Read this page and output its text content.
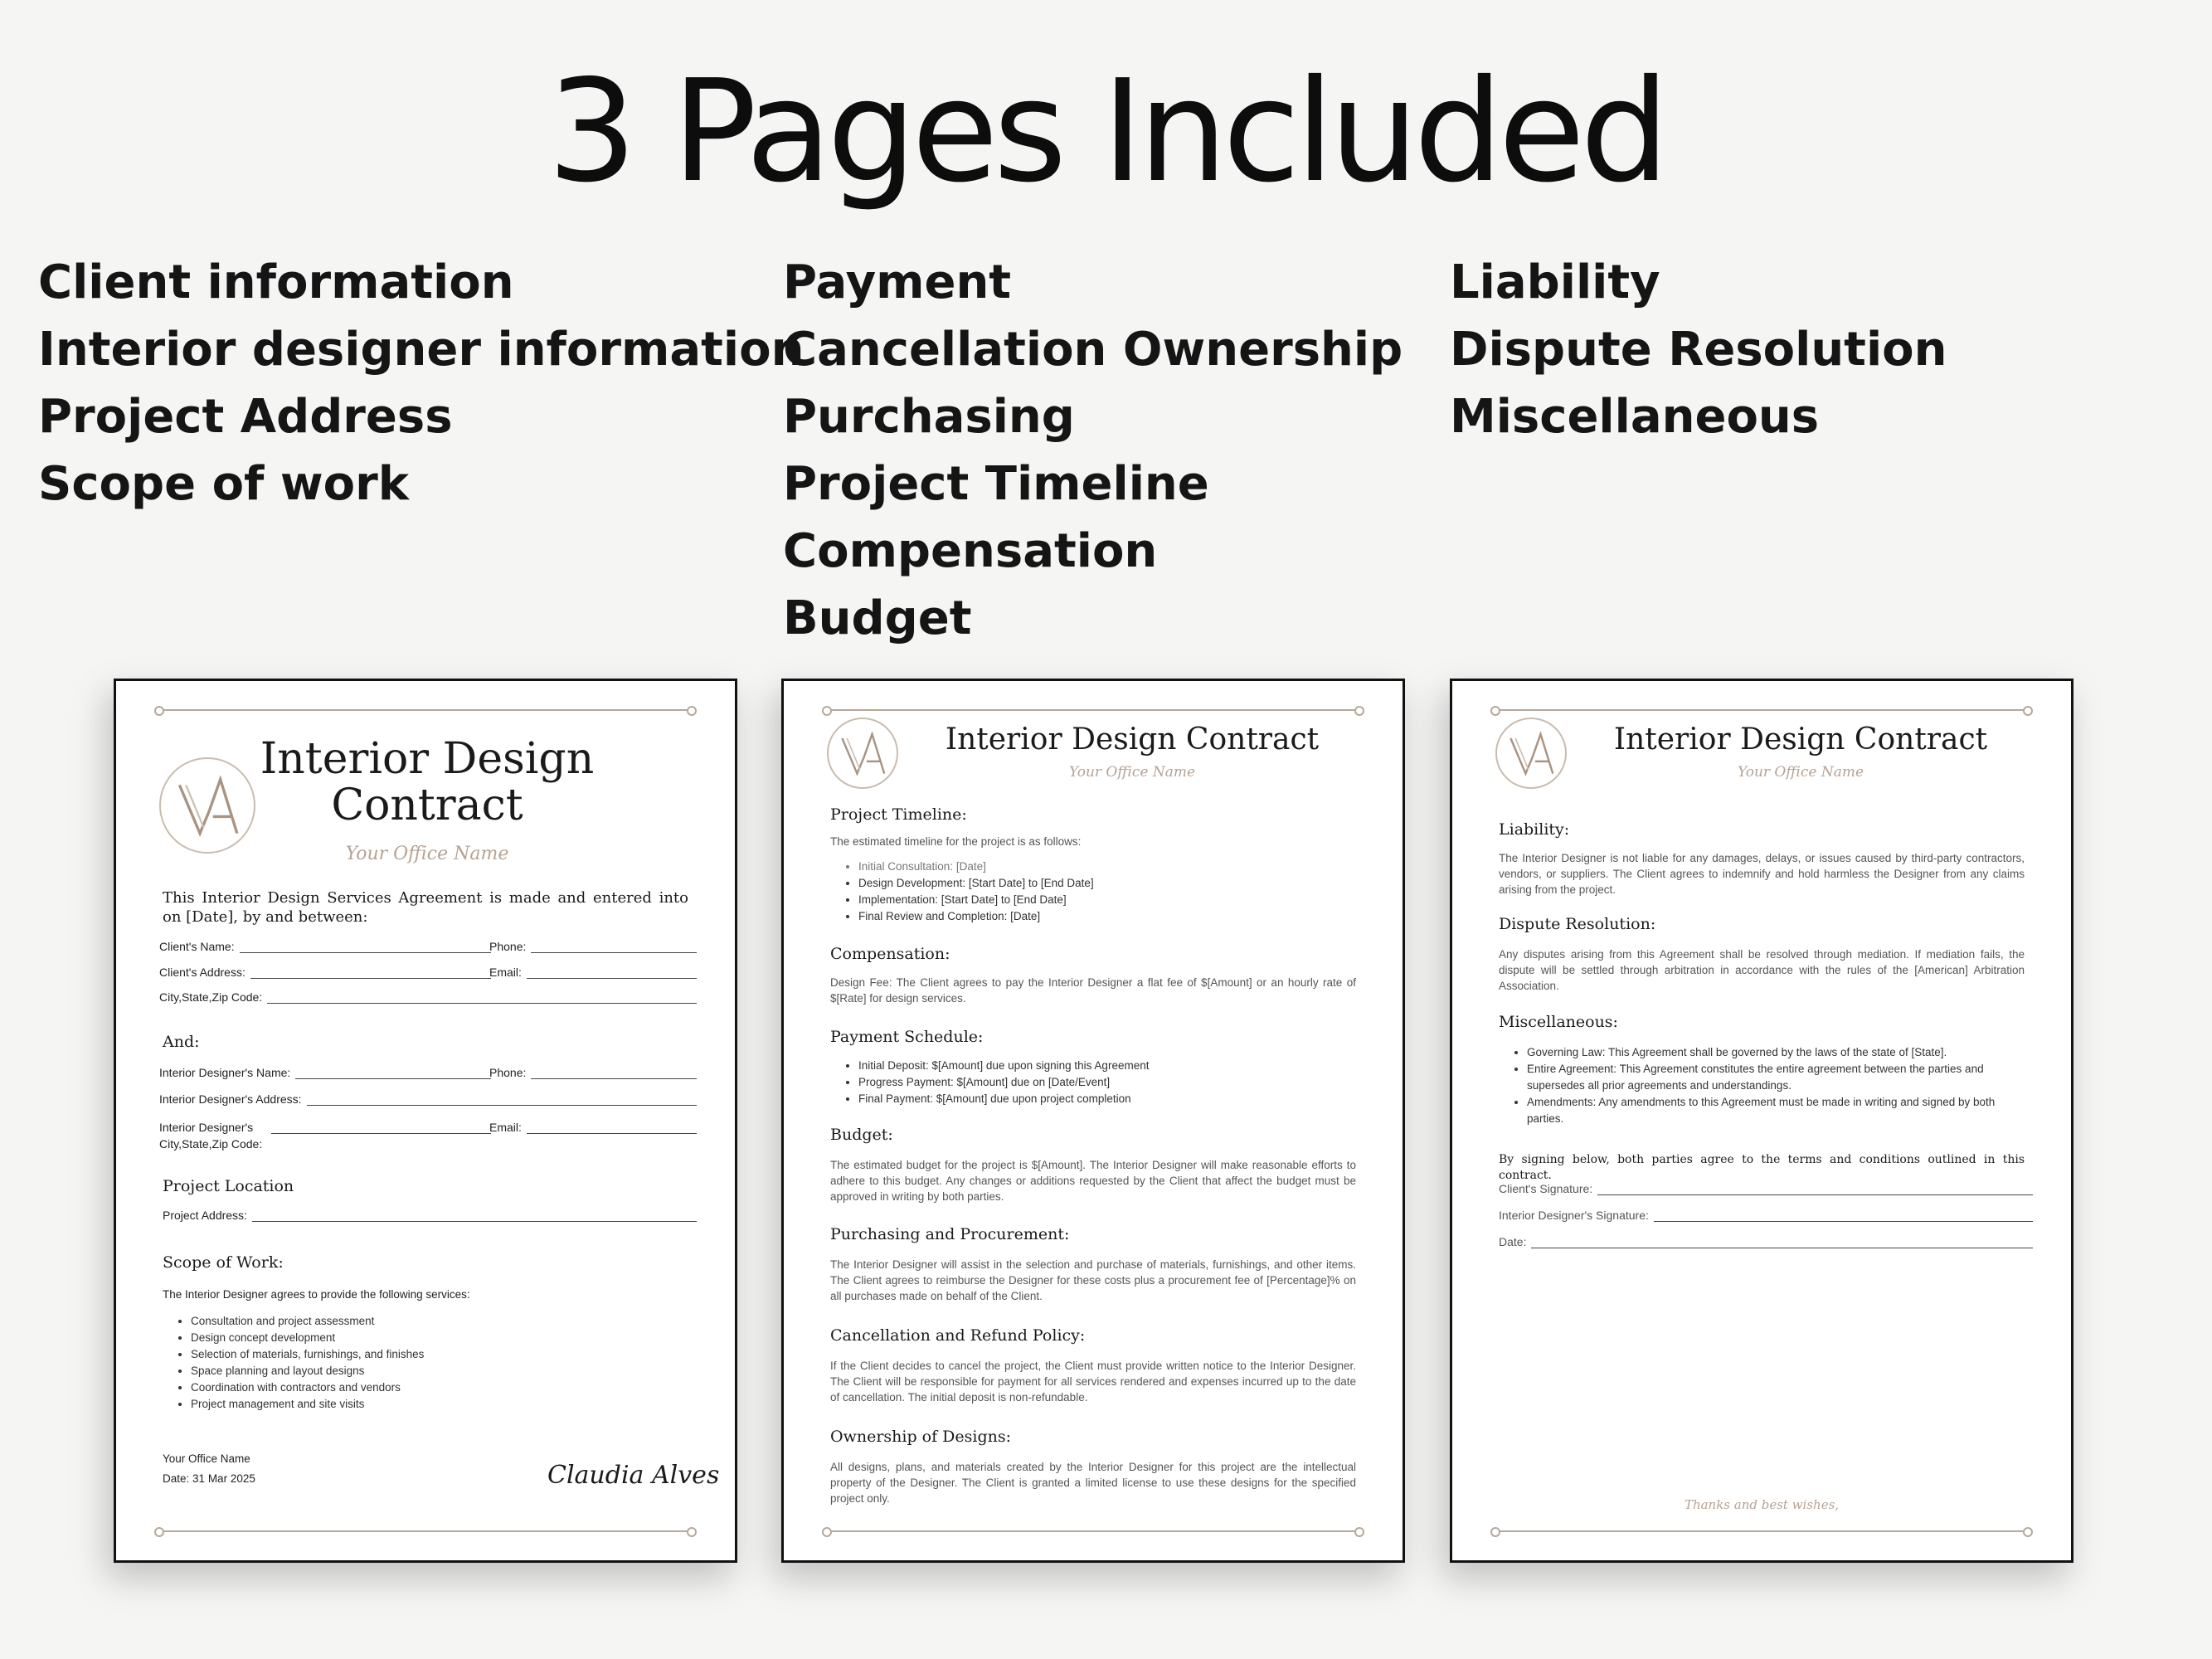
3 Pages Included
Client information
Interior designer information
Project Address
Scope of work
Payment
Cancellation Ownership
Purchasing
Project Timeline
Compensation
Budget
Liability
Dispute Resolution
Miscellaneous
Interior Design
Contract
Your Office Name
This Interior Design Services Agreement is made and entered into on [Date], by and between:
Client's Name:	Phone:
Client's Address:	Email:
City,State,Zip Code:
And:
Interior Designer's Name:	Phone:
Interior Designer's Address:
Interior Designer's	Email:
City,State,Zip Code:
Project Location
Project Address:
Scope of Work:
The Interior Designer agrees to provide the following services:
• Consultation and project assessment
• Design concept development
• Selection of materials, furnishings, and finishes
• Space planning and layout designs
• Coordination with contractors and vendors
• Project management and site visits
Your Office Name
Date: 31 Mar 2025	Claudia Alves
Interior Design Contract
Your Office Name
Project Timeline:
The estimated timeline for the project is as follows:
• Initial Consultation: [Date]
• Design Development: [Start Date] to [End Date]
• Implementation: [Start Date] to [End Date]
• Final Review and Completion: [Date]
Compensation:
Design Fee: The Client agrees to pay the Interior Designer a flat fee of $[Amount] or an hourly rate of $[Rate] for design services.
Payment Schedule:
• Initial Deposit: $[Amount] due upon signing this Agreement
• Progress Payment: $[Amount] due on [Date/Event]
• Final Payment: $[Amount] due upon project completion
Budget:
The estimated budget for the project is $[Amount]. The Interior Designer will make reasonable efforts to adhere to this budget. Any changes or additions requested by the Client that affect the budget must be approved in writing by both parties.
Purchasing and Procurement:
The Interior Designer will assist in the selection and purchase of materials, furnishings, and other items. The Client agrees to reimburse the Designer for these costs plus a procurement fee of [Percentage]% on all purchases made on behalf of the Client.
Cancellation and Refund Policy:
If the Client decides to cancel the project, the Client must provide written notice to the Interior Designer. The Client will be responsible for payment for all services rendered and expenses incurred up to the date of cancellation. The initial deposit is non-refundable.
Ownership of Designs:
All designs, plans, and materials created by the Interior Designer for this project are the intellectual property of the Designer. The Client is granted a limited license to use these designs for the specified project only.
Interior Design Contract
Your Office Name
Liability:
The Interior Designer is not liable for any damages, delays, or issues caused by third-party contractors, vendors, or suppliers. The Client agrees to indemnify and hold harmless the Designer from any claims arising from the project.
Dispute Resolution:
Any disputes arising from this Agreement shall be resolved through mediation. If mediation fails, the dispute will be settled through arbitration in accordance with the rules of the [American] Arbitration Association.
Miscellaneous:
• Governing Law: This Agreement shall be governed by the laws of the state of [State].
• Entire Agreement: This Agreement constitutes the entire agreement between the parties and supersedes all prior agreements and understandings.
• Amendments: Any amendments to this Agreement must be made in writing and signed by both parties.
By signing below, both parties agree to the terms and conditions outlined in this contract.
Client's Signature:
Interior Designer's Signature:
Date:
Thanks and best wishes,
